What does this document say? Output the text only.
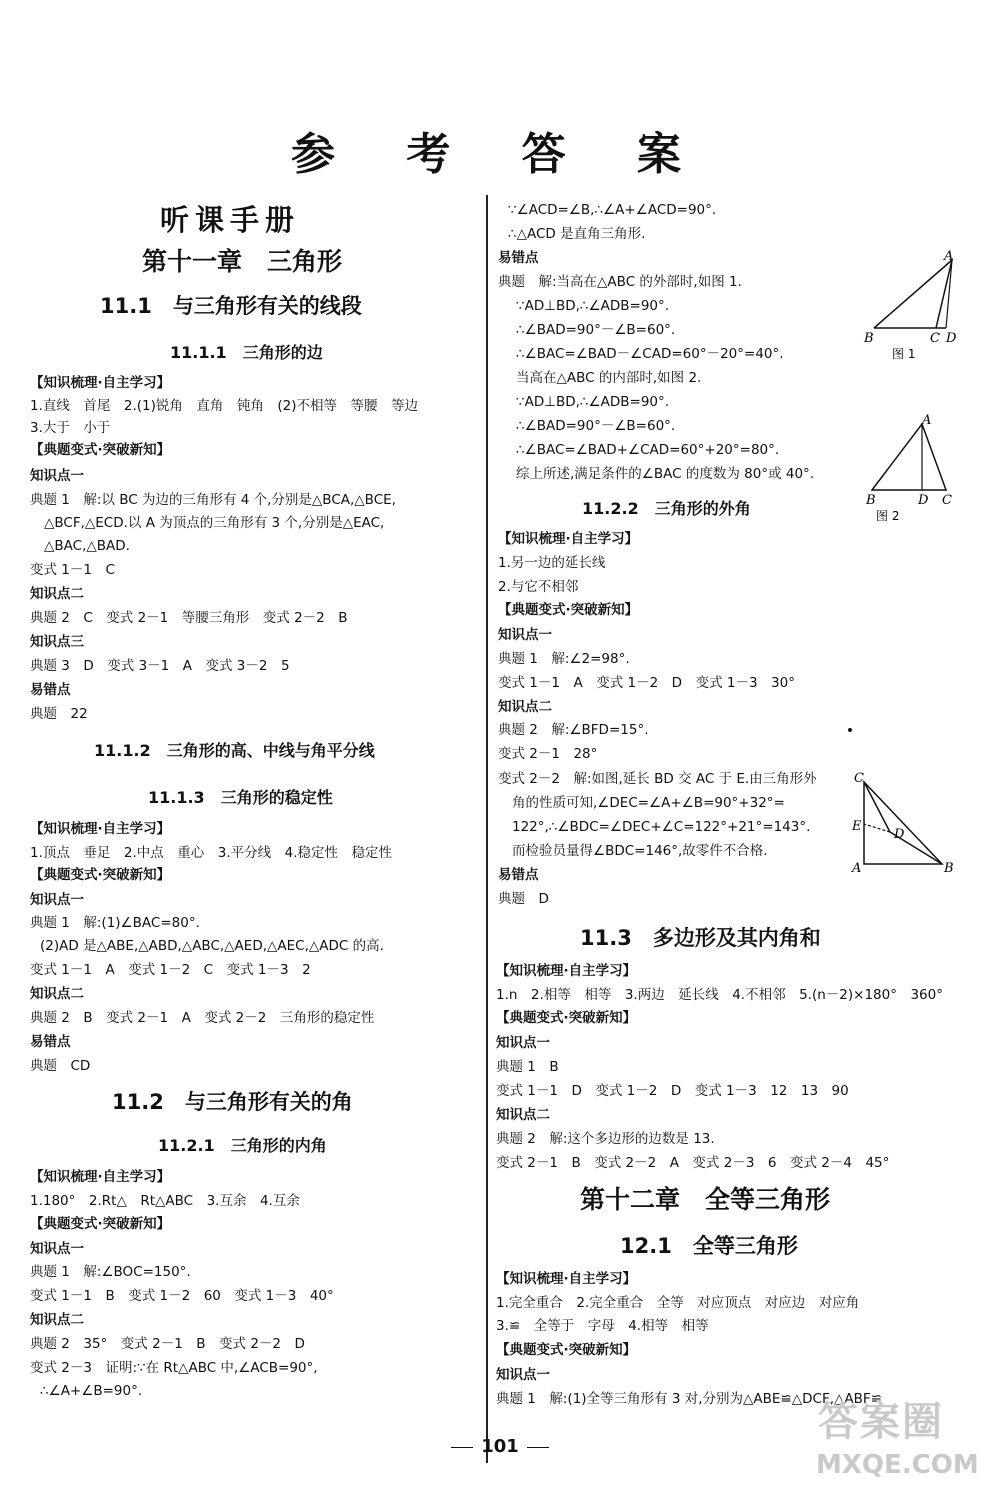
参 考 答 案
听课手册
第十一章　三角形
11.1　与三角形有关的线段
11.1.1　三角形的边
【知识梳理·自主学习】
1.直线　首尾　2.(1)锐角　直角　钝角　(2)不相等　等腰　等边
3.大于　小于
【典题变式·突破新知】
知识点一
典题 1　解:以 BC 为边的三角形有 4 个,分别是△BCA,△BCE,
△BCF,△ECD.以 A 为顶点的三角形有 3 个,分别是△EAC,
△BAC,△BAD.
变式 1－1　C
知识点二
典题 2　C　变式 2－1　等腰三角形　变式 2－2　B
知识点三
典题 3　D　变式 3－1　A　变式 3－2　5
易错点
典题　22
11.1.2　三角形的高、中线与角平分线
11.1.3　三角形的稳定性
【知识梳理·自主学习】
1.顶点　垂足　2.中点　重心　3.平分线　4.稳定性　稳定性
【典题变式·突破新知】
知识点一
典题 1　解:(1)∠BAC=80°.
(2)AD 是△ABE,△ABD,△ABC,△AED,△AEC,△ADC 的高.
变式 1－1　A　变式 1－2　C　变式 1－3　2
知识点二
典题 2　B　变式 2－1　A　变式 2－2　三角形的稳定性
易错点
典题　CD
11.2　与三角形有关的角
11.2.1　三角形的内角
【知识梳理·自主学习】
1.180°　2.Rt△　Rt△ABC　3.互余　4.互余
【典题变式·突破新知】
知识点一
典题 1　解:∠BOC=150°.
变式 1－1　B　变式 1－2　60　变式 1－3　40°
知识点二
典题 2　35°　变式 2－1　B　变式 2－2　D
变式 2－3　证明:∵在 Rt△ABC 中,∠ACB=90°,
∴∠A+∠B=90°.
∵∠ACD=∠B,∴∠A+∠ACD=90°.
∴△ACD 是直角三角形.
易错点
典题　解:当高在△ABC 的外部时,如图 1.
∵AD⊥BD,∴∠ADB=90°.
∴∠BAD=90°－∠B=60°.
∴∠BAC=∠BAD－∠CAD=60°－20°=40°.
当高在△ABC 的内部时,如图 2.
∵AD⊥BD,∴∠ADB=90°.
∴∠BAD=90°－∠B=60°.
∴∠BAC=∠BAD+∠CAD=60°+20°=80°.
综上所述,满足条件的∠BAC 的度数为 80°或 40°.
11.2.2　三角形的外角
【知识梳理·自主学习】
1.另一边的延长线
2.与它不相邻
【典题变式·突破新知】
知识点一
典题 1　解:∠2=98°.
变式 1－1　A　变式 1－2　D　变式 1－3　30°
知识点二
典题 2　解:∠BFD=15°.
变式 2－1　28°
变式 2－2　解:如图,延长 BD 交 AC 于 E.由三角形外
角的性质可知,∠DEC=∠A+∠B=90°+32°=
122°,∴∠BDC=∠DEC+∠C=122°+21°=143°.
而检验员量得∠BDC=146°,故零件不合格.
易错点
典题　D
11.3　多边形及其内角和
【知识梳理·自主学习】
1.n　2.相等　相等　3.两边　延长线　4.不相邻　5.(n－2)×180°　360°
【典题变式·突破新知】
知识点一
典题 1　B
变式 1－1　D　变式 1－2　D　变式 1－3　12　13　90
知识点二
典题 2　解:这个多边形的边数是 13.
变式 2－1　B　变式 2－2　A　变式 2－3　6　变式 2－4　45°
第十二章　全等三角形
12.1　全等三角形
【知识梳理·自主学习】
1.完全重合　2.完全重合　全等　对应顶点　对应边　对应角
3.≌　全等于　字母　4.相等　相等
【典题变式·突破新知】
知识点一
典题 1　解:(1)全等三角形有 3 对,分别为△ABE≌△DCF,△ABF≌
A
B	C D
图 1
A
B	D C
图 2
C
E
D
A	B
101
答案圈
MXQE.COM
